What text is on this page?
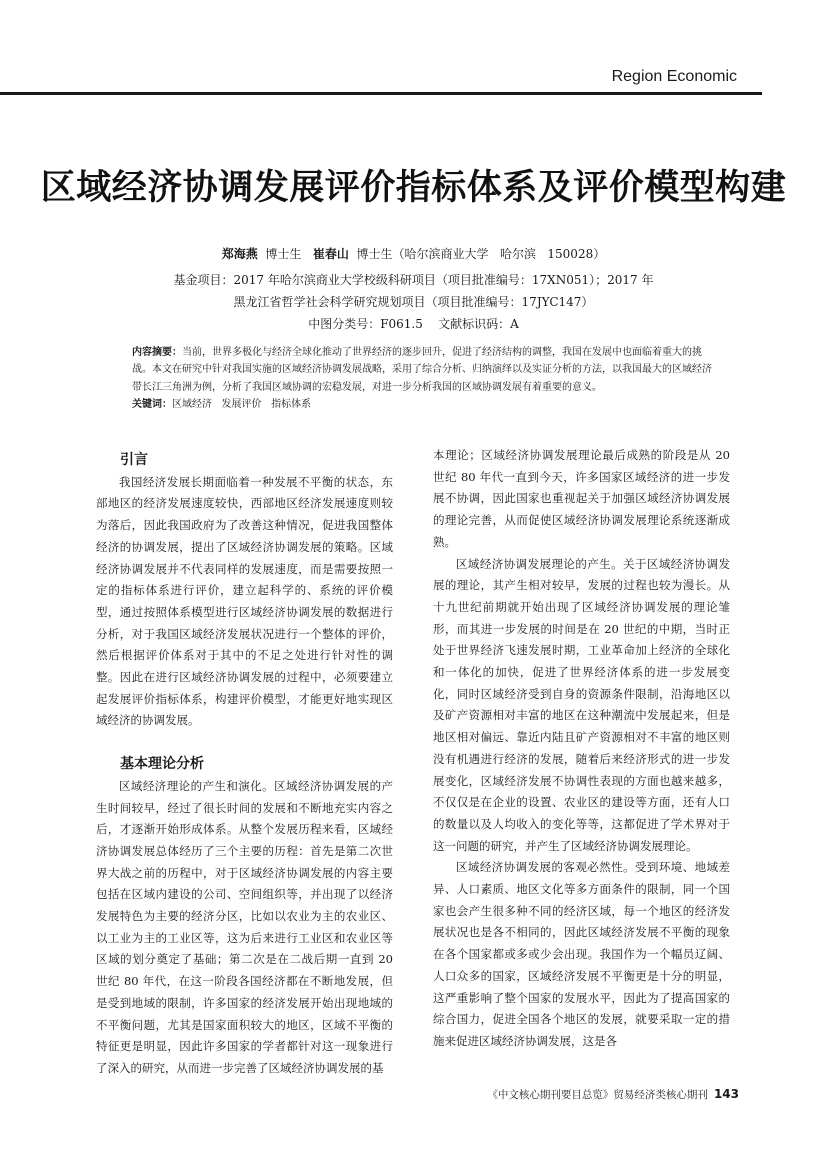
Region Economic
区域经济协调发展评价指标体系及评价模型构建
郑海燕  博士生   崔春山  博士生（哈尔滨商业大学   哈尔滨   150028）
基金项目：2017 年哈尔滨商业大学校级科研项目（项目批准编号：17XN051）；2017 年
黑龙江省哲学社会科学研究规划项目（项目批准编号：17JYC147）
中图分类号：F061.5    文献标识码：A
内容摘要：当前，世界多极化与经济全球化推动了世界经济的逐步回升，促进了经济结构的调整，我国在发展中也面临着重大的挑战。本文在研究中针对我国实施的区域经济协调发展战略，采用了综合分析、归纳演绎以及实证分析的方法，以我国最大的区域经济带长江三角洲为例，分析了我国区域协调的宏稳发展，对进一步分析我国的区域协调发展有着重要的意义。
关键词：区域经济   发展评价   指标体系
引言

我国经济发展长期面临着一种发展不平衡的状态，东部地区的经济发展速度较快，西部地区经济发展速度则较为落后，因此我国政府为了改善这种情况，促进我国整体经济的协调发展，提出了区域经济协调发展的策略。区域经济协调发展并不代表同样的发展速度，而是需要按照一定的指标体系进行评价，建立起科学的、系统的评价模型，通过按照体系模型进行区域经济协调发展的数据进行分析，对于我国区域经济发展状况进行一个整体的评价，然后根据评价体系对于其中的不足之处进行针对性的调整。因此在进行区域经济协调发展的过程中，必须要建立起发展评价指标体系，构建评价模型，才能更好地实现区域经济的协调发展。

基本理论分析

区域经济理论的产生和演化。区域经济协调发展的产生时间较早，经过了很长时间的发展和不断地充实内容之后，才逐渐开始形成体系。从整个发展历程来看，区域经济协调发展总体经历了三个主要的历程：首先是第二次世界大战之前的历程中，对于区域经济协调发展的内容主要包括在区域内建设的公司、空间组织等，并出现了以经济发展特色为主要的经济分区，比如以农业为主的农业区、以工业为主的工业区等，这为后来进行工业区和农业区等区域的划分奠定了基础；第二次是在二战后期一直到 20 世纪 80 年代，在这一阶段各国经济都在不断地发展，但是受到地域的限制，许多国家的经济发展开始出现地域的不平衡问题，尤其是国家面积较大的地区，区域不平衡的特征更是明显，因此许多国家的学者都针对这一现象进行了深入的研究，从而进一步完善了区域经济协调发展的基

本理论；区域经济协调发展理论最后成熟的阶段是从 20 世纪 80 年代一直到今天，许多国家区域经济的进一步发展不协调，因此国家也重视起关于加强区域经济协调发展的理论完善，从而促使区域经济协调发展理论系统逐渐成熟。

区域经济协调发展理论的产生。关于区域经济协调发展的理论，其产生相对较早，发展的过程也较为漫长。从十九世纪前期就开始出现了区域经济协调发展的理论雏形，而其进一步发展的时间是在 20 世纪的中期，当时正处于世界经济飞速发展时期，工业革命加上经济的全球化和一体化的加快，促进了世界经济体系的进一步发展变化，同时区域经济受到自身的资源条件限制，沿海地区以及矿产资源相对丰富的地区在这种潮流中发展起来，但是地区相对偏远、靠近内陆且矿产资源相对不丰富的地区则没有机遇进行经济的发展，随着后来经济形式的进一步发展变化，区域经济发展不协调性表现的方面也越来越多，不仅仅是在企业的设置、农业区的建设等方面，还有人口的数量以及人均收入的变化等等，这都促进了学术界对于这一问题的研究，并产生了区域经济协调发展理论。

区域经济协调发展的客观必然性。受到环境、地域差异、人口素质、地区文化等多方面条件的限制，同一个国家也会产生很多种不同的经济区域，每一个地区的经济发展状况也是各不相同的，因此区域经济发展不平衡的现象在各个国家都或多或少会出现。我国作为一个幅员辽阔、人口众多的国家，区域经济发展不平衡更是十分的明显，这严重影响了整个国家的发展水平，因此为了提高国家的综合国力，促进全国各个地区的发展，就要采取一定的措施来促进区域经济协调发展，这是各

《中文核心期刊要目总览》贸易经济类核心期刊 143
